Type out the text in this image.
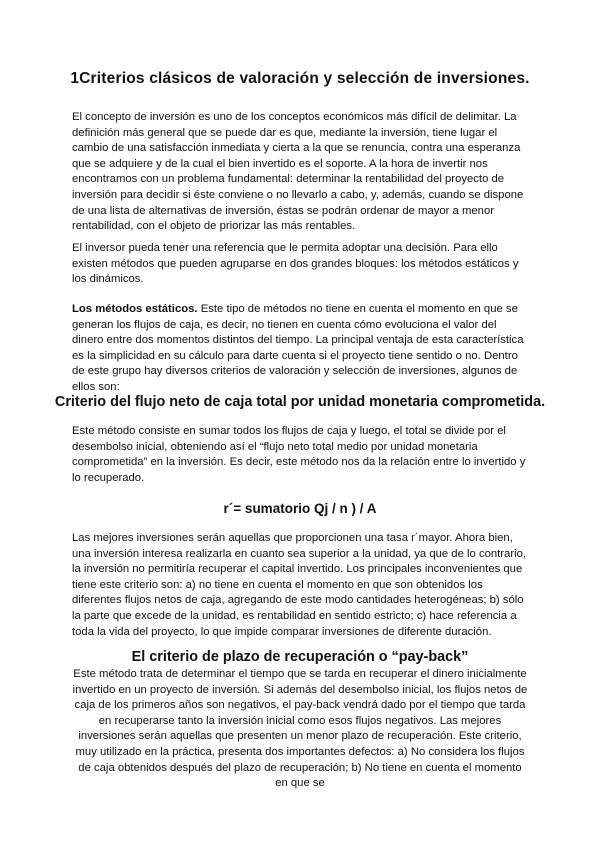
1Criterios clásicos de valoración y selección de inversiones.

El concepto de inversión es uno de los conceptos económicos más difícil de delimitar. La definición más general que se puede dar es que, mediante la inversión, tiene lugar el cambio de una satisfacción inmediata y cierta a la que se renuncia, contra una esperanza que se adquiere y de la cual el bien invertido es el soporte. A la hora de invertir nos encontramos con un problema fundamental: determinar la rentabilidad del proyecto de inversión para decidir si éste conviene o no llevarlo a cabo, y, además, cuando se dispone de una lista de alternativas de inversión, éstas se podrán ordenar de mayor a menor rentabilidad, con el objeto de priorizar las más rentables.

El inversor pueda tener una referencia que le permita adoptar una decisión. Para ello existen métodos que pueden agruparse en dos grandes bloques: los métodos estáticos y los dinámicos.

Los métodos estáticos. Este tipo de métodos no tiene en cuenta el momento en que se generan los flujos de caja, es decir, no tienen en cuenta cómo evoluciona el valor del dinero entre dos momentos distintos del tiempo. La principal ventaja de esta característica es la simplicidad en su cálculo para darte cuenta si el proyecto tiene sentido o no. Dentro de este grupo hay diversos criterios de valoración y selección de inversiones, algunos de ellos son:

Criterio del flujo neto de caja total por unidad monetaria comprometida.

Este método consiste en sumar todos los flujos de caja y luego, el total se divide por el desembolso inicial, obteniendo así el “flujo neto total medio por unidad monetaria comprometida” en la inversión. Es decir, este método nos da la relación entre lo invertido y lo recuperado.

r´= sumatorio Qj / n ) / A

Las mejores inversiones serán aquellas que proporcionen una tasa r´mayor. Ahora bien, una inversión interesa realizarla en cuanto sea superior a la unidad, ya que de lo contrario, la inversión no permitiría recuperar el capital invertido. Los principales inconvenientes que tiene este criterio son: a) no tiene en cuenta el momento en que son obtenidos los diferentes flujos netos de caja, agregando de este modo cantidades heterogéneas; b) sólo la parte que excede de la unidad, es rentabilidad en sentido estricto; c) hace referencia a toda la vida del proyecto, lo que impide comparar inversiones de diferente duración.

El criterio de plazo de recuperación o “pay-back”

Este método trata de determinar el tiempo que se tarda en recuperar el dinero inicialmente invertido en un proyecto de inversión. Si además del desembolso inicial, los flujos netos de caja de los primeros años son negativos, el pay-back vendrá dado por el tiempo que tarda en recuperarse tanto la inversión inicial como esos flujos negativos. Las mejores inversiones serán aquellas que presenten un menor plazo de recuperación. Este criterio, muy utilizado en la práctica, presenta dos importantes defectos: a) No considera los flujos de caja obtenidos después del plazo de recuperación; b) No tiene en cuenta el momento en que se
